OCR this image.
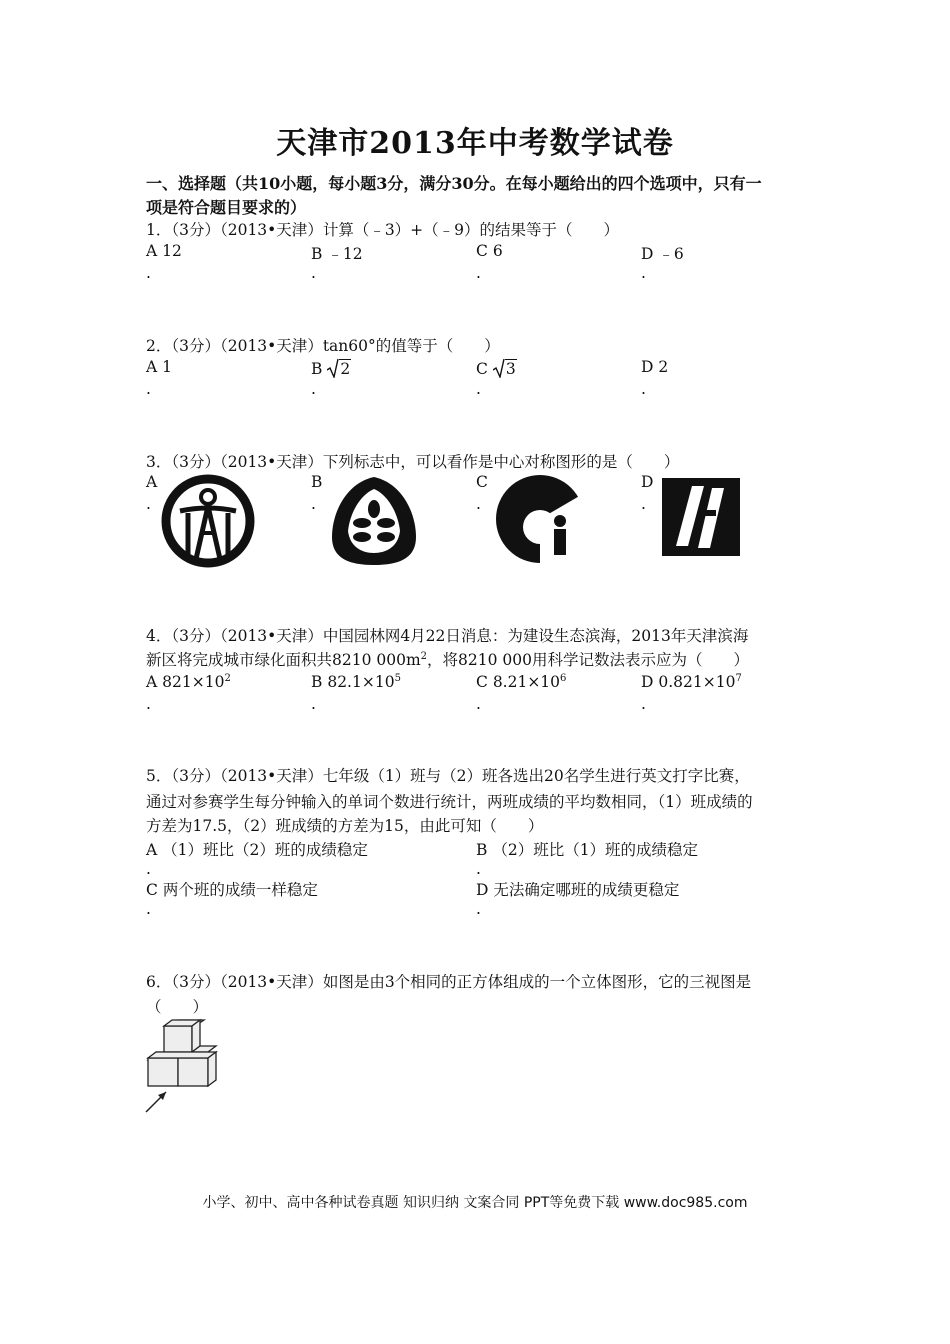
天津市2013年中考数学试卷
一、选择题（共10小题，每小题3分，满分30分。在每小题给出的四个选项中，只有一
项是符合题目要求的）
1．（3分）（2013•天津）计算（﹣3）+（﹣9）的结果等于（　　）
A 12	B ﹣12	C 6	D ﹣6
.	.	.	.
2．（3分）（2013•天津）tan60°的值等于（　　）
A 1	B 2	C 3	D 2
.	.	.	.
3．（3分）（2013•天津）下列标志中，可以看作是中心对称图形的是（　　）
A	B	C	D
.	.	.	.
4．（3分）（2013•天津）中国园林网4月22日消息：为建设生态滨海，2013年天津滨海
新区将完成城市绿化面积共8210 $000m^2$，将8210 000用科学记数法表示应为（　　）
A $821\times 10^2$	B $82.1\times 10^5$	C $8.21\times 10^6$	D $0.821\times 10^7$
.	.	.	.
5．（3分）（2013•天津）七年级（1）班与（2）班各选出20名学生进行英文打字比赛，
通过对参赛学生每分钟输入的单词个数进行统计，两班成绩的平均数相同，（1）班成绩的
方差为17.5，（2）班成绩的方差为15，由此可知（　　）
A （1）班比（2）班的成绩稳定	B （2）班比（1）班的成绩稳定
.	.
C 两个班的成绩一样稳定	D 无法确定哪班的成绩更稳定
.	.
6．（3分）（2013•天津）如图是由3个相同的正方体组成的一个立体图形，它的三视图是
（　　）
小学、初中、高中各种试卷真题 知识归纳 文案合同 PPT等免费下载 www.doc985.com
